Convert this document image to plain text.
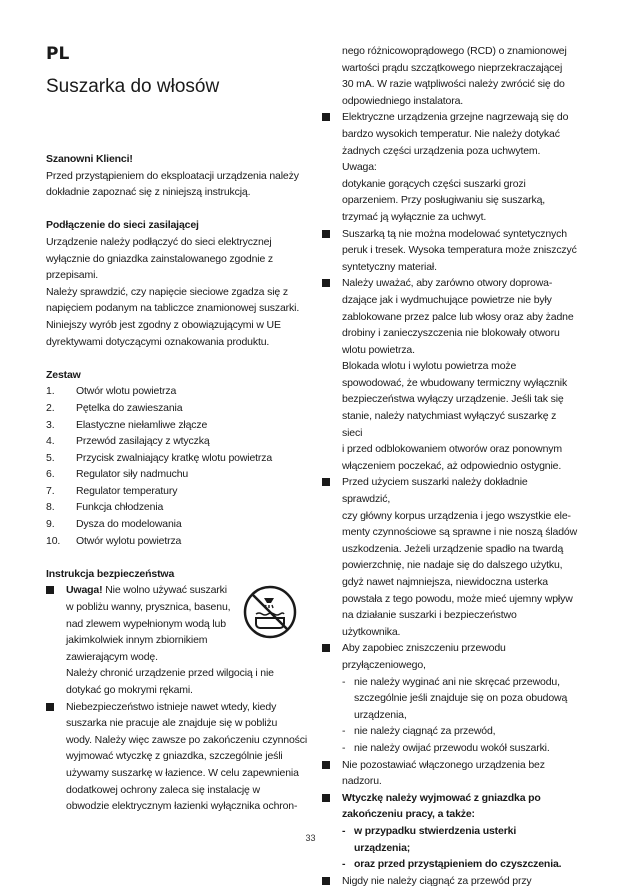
PL
Suszarka do włosów

Szanowni Klienci!

Przed przystąpieniem do eksploatacji urządzenia należy
dokładnie zapoznać się z niniejszą instrukcją.

Podłączenie do sieci zasilającej

Urządzenie należy podłączyć do sieci elektrycznej
wyłącznie do gniazdka zainstalowanego zgodnie z
przepisami.
Należy sprawdzić, czy napięcie sieciowe zgadza się z
napięciem podanym na tabliczce znamionowej suszarki.
Niniejszy wyrób jest zgodny z obowiązującymi w UE
dyrektywami dotyczącymi oznakowania produktu.

Zestaw

1.	Otwór wlotu powietrza
2.	Pętelka do zawieszania
3.	Elastyczne niełamliwe złącze
4.	Przewód zasilający z wtyczką
5.	Przycisk zwalniający kratkę wlotu powietrza
6.	Regulator siły nadmuchu
7.	Regulator temperatury
8.	Funkcja chłodzenia
9.	Dysza do modelowania
10.	Otwór wylotu powietrza

Instrukcja bezpieczeństwa

Uwaga! Nie wolno używać suszarki
w pobliżu wanny, prysznica, basenu,
nad zlewem wypełnionym wodą lub
jakimkolwiek innym zbiornikiem
zawierającym wodę.
Należy chronić urządzenie przed wilgocią i nie
dotykać go mokrymi rękami.
Niebezpieczeństwo istnieje nawet wtedy, kiedy
suszarka nie pracuje ale znajduje się w pobliżu
wody. Należy więc zawsze po zakończeniu czynności
wyjmować wtyczkę z gniazdka, szczególnie jeśli
używamy suszarkę w łazience. W celu zapewnienia
dodatkowej ochrony zaleca się instalację w
obwodzie elektrycznym łazienki wyłącznika ochron-
nego różnicowoprądowego (RCD) o znamionowej
wartości prądu szczątkowego nieprzekraczającej
30 mA. W razie wątpliwości należy zwrócić się do
odpowiedniego instalatora.
Elektryczne urządzenia grzejne nagrzewają się do
bardzo wysokich temperatur. Nie należy dotykać
żadnych części urządzenia poza uchwytem. Uwaga:
dotykanie gorących części suszarki grozi
oparzeniem. Przy posługiwaniu się suszarką,
trzymać ją wyłącznie za uchwyt.
Suszarką tą nie można modelować syntetycznych
peruk i tresek. Wysoka temperatura może zniszczyć
syntetyczny materiał.
Należy uważać, aby zarówno otwory doprowa-
dzające jak i wydmuchujące powietrze nie były
zablokowane przez palce lub włosy oraz aby żadne
drobiny i zanieczyszczenia nie blokowały otworu
wlotu powietrza.
Blokada wlotu i wylotu powietrza może
spowodować, że wbudowany termiczny wyłącznik
bezpieczeństwa wyłączy urządzenie. Jeśli tak się
stanie, należy natychmiast wyłączyć suszarkę z sieci
i przed odblokowaniem otworów oraz ponownym
włączeniem poczekać, aż odpowiednio ostygnie.
Przed użyciem suszarki należy dokładnie sprawdzić,
czy główny korpus urządzenia i jego wszystkie ele-
menty czynnościowe są sprawne i nie noszą śladów
uszkodzenia. Jeżeli urządzenie spadło na twardą
powierzchnię, nie nadaje się do dalszego użytku,
gdyż nawet najmniejsza, niewidoczna usterka
powstała z tego powodu, może mieć ujemny wpływ
na działanie suszarki i bezpieczeństwo użytkownika.
Aby zapobiec zniszczeniu przewodu
przyłączeniowego,
- nie należy wyginać ani nie skręcać przewodu,
szczególnie jeśli znajduje się on poza obudową
urządzenia,
- nie należy ciągnąć za przewód,
- nie należy owijać przewodu wokół suszarki.
Nie pozostawiać włączonego urządzenia bez
nadzoru.
Wtyczkę należy wyjmować z gniazdka po
zakończeniu pracy, a także:
- w przypadku stwierdzenia usterki
urządzenia;
- oraz przed przystąpieniem do czyszczenia.
Nigdy nie należy ciągnąć za przewód przy
33
